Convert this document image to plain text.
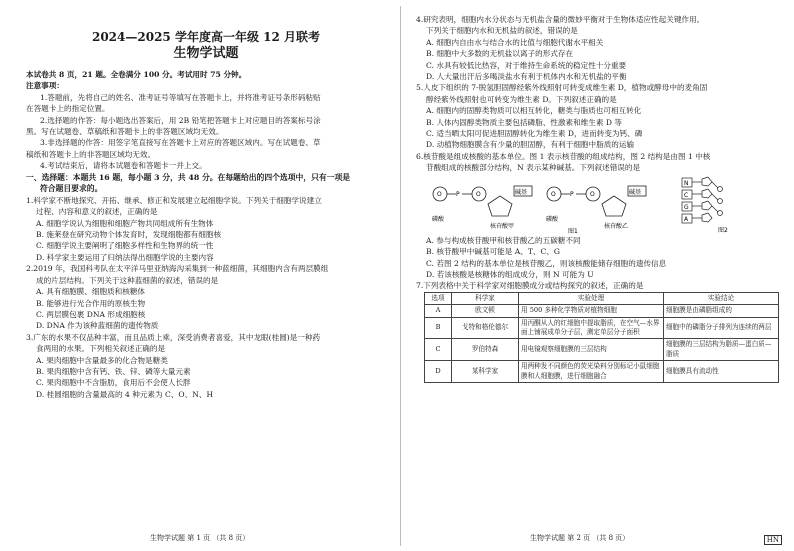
2024—2025 学年度高一年级 12 月联考
生物学试题
本试卷共 8 页，21 题。全卷满分 100 分。考试用时 75 分钟。
注意事项：
1.答题前，先将自己的姓名、准考证号等填写在答题卡上，并将准考证号条形码粘贴
在答题卡上的指定位置。
2.选择题的作答：每小题选出答案后，用 2B 铅笔把答题卡上对应题目的答案标号涂
黑。写在试题卷、草稿纸和答题卡上的非答题区域均无效。
3.非选择题的作答：用签字笔直接写在答题卡上对应的答题区域内。写在试题卷、草
稿纸和答题卡上的非答题区域均无效。
4.考试结束后，请将本试题卷和答题卡一并上交。
一、选择题：本题共 16 题，每小题 3 分，共 48 分。在每题给出的四个选项中，只有一项是
符合题目要求的。
1.科学家不断地探究、开拓、继承、修正和发展建立起细胞学说。下列关于细胞学说建立
过程、内容和意义的叙述，正确的是
A. 细胞学说认为细胞和细胞产物共同组成所有生物体
B. 施莱登在研究动物个体发育时，发现细胞都有细胞核
C. 细胞学说主要阐明了细胞多样性和生物界的统一性
D. 科学家主要运用了归纳法得出细胞学说的主要内容
2.2019 年，我国科考队在太平洋马里亚纳海沟采集到一种蓝细菌，其细胞内含有两层膜组
成的片层结构。下列关于这种蓝细菌的叙述，错误的是
A. 具有细胞膜、细胞质和核糖体
B. 能够进行光合作用的原核生物
C. 两层膜包裹 DNA 形成细胞核
D. DNA 作为该种蓝细菌的遗传物质
3.广东的水果不仅品种丰富，而且品质上乘，深受消费者喜爱，其中龙眼(桂圆)是一种药
食两用的水果。下列相关叙述正确的是
A. 果肉细胞中含量最多的化合物是糖类
B. 果肉细胞中含有钙、铁、锌、磷等大量元素
C. 果肉细胞中不含脂肪，食用后不会使人长胖
D. 桂圆细胞的含量最高的 4 种元素为 C、O、N、H
生物学试题 第 1 页 （共 8 页）
4.研究表明，细胞内水分状态与无机盐含量的微妙平衡对于生物体适应性起关键作用。
下列关于细胞内水和无机盐的叙述，错误的是
A. 细胞内自由水与结合水的比值与细胞代谢水平相关
B. 细胞中大多数的无机盐以离子的形式存在
C. 水具有较低比热容，对于维持生命系统的稳定性十分重要
D. 人大量出汗后多喝淡盐水有利于机体内水和无机盐的平衡
5.人皮下组织的 7-脱氢胆固醇经紫外线照射可转变成维生素 D，植物或酵母中的麦角固
醇经紫外线照射也可转变为维生素 D。下列叙述正确的是
A. 细胞内的固醇类物质可以相互转化，糖类与脂质也可相互转化
B. 人体内固醇类物质主要包括磷脂、性激素和维生素 D 等
C. 适当晒太阳可促进胆固醇转化为维生素 D，进而转变为钙、磷
D. 动植物细胞膜含有少量的胆固醇，有利于细胞中脂质的运输
6.核苷酸是组成核酸的基本单位。图 1 表示核苷酸的组成结构，图 2 结构是由图 1 中核
苷酸组成的核酸部分结构，N 表示某种碱基。下列叙述错误的是
O P	O
磷酸
碱基
核苷酸甲
O P	O
磷酸
碱基
核苷酸乙
图1
N
C
G
A
图2
A. 参与构成核苷酸甲和核苷酸乙的五碳糖不同
B. 核苷酸甲中碱基可能是 A、T、C、G
C. 若图 2 结构的基本单位是核苷酸乙，则该核酸能储存细胞的遗传信息
D. 若该核酸是核糖体的组成成分，则 N 可能为 U
7.下列表格中关于科学家对细胞膜成分或结构探究的叙述，正确的是
选项	科学家	实验处理	实验结论
A	欧文顿	用 500 多种化学物质对植物细胞	细胞膜是由磷脂组成的
B	戈特和格伦德尔	用丙酮从人的红细胞中提取脂质，在空气—水界面上铺展成单分子层，测定单层分子面积	细胞中的磷脂分子排列为连续的两层
C	罗伯特森	用电镜观察细胞膜的三层结构	细胞膜的三层结构为脂质—蛋白质—脂质
D	某科学家	用两种发不同颜色的荧光染料分别标记小鼠细胞膜和人细胞膜，进行细胞融合	细胞膜具有流动性
生物学试题 第 2 页 （共 8 页）	HN
